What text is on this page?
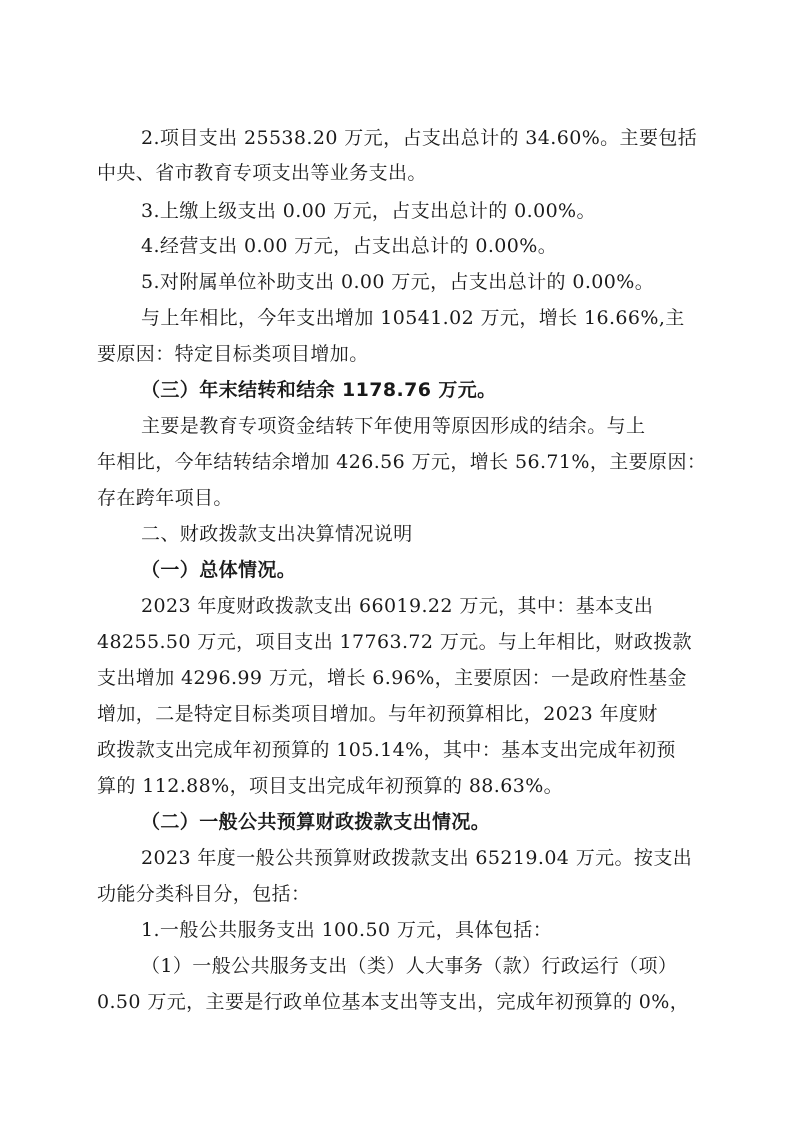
2.项目支出 25538.20 万元，占支出总计的 34.60%。主要包括
中央、省市教育专项支出等业务支出。
3.上缴上级支出 0.00 万元，占支出总计的 0.00%。
4.经营支出 0.00 万元，占支出总计的 0.00%。
5.对附属单位补助支出 0.00 万元，占支出总计的 0.00%。
与上年相比，今年支出增加 10541.02 万元，增长 16.66%,主
要原因：特定目标类项目增加。
（三）年末结转和结余 1178.76 万元。
主要是教育专项资金结转下年使用等原因形成的结余。与上
年相比，今年结转结余增加 426.56 万元，增长 56.71%，主要原因：
存在跨年项目。
二、财政拨款支出决算情况说明
（一）总体情况。
2023 年度财政拨款支出 66019.22 万元，其中：基本支出
48255.50 万元，项目支出 17763.72 万元。与上年相比，财政拨款
支出增加 4296.99 万元，增长 6.96%，主要原因：一是政府性基金
增加，二是特定目标类项目增加。与年初预算相比，2023 年度财
政拨款支出完成年初预算的 105.14%，其中：基本支出完成年初预
算的 112.88%，项目支出完成年初预算的 88.63%。
（二）一般公共预算财政拨款支出情况。
2023 年度一般公共预算财政拨款支出 65219.04 万元。按支出
功能分类科目分，包括：
1.一般公共服务支出 100.50 万元，具体包括：
（1）一般公共服务支出（类）人大事务（款）行政运行（项）
0.50 万元，主要是行政单位基本支出等支出，完成年初预算的 0%，
